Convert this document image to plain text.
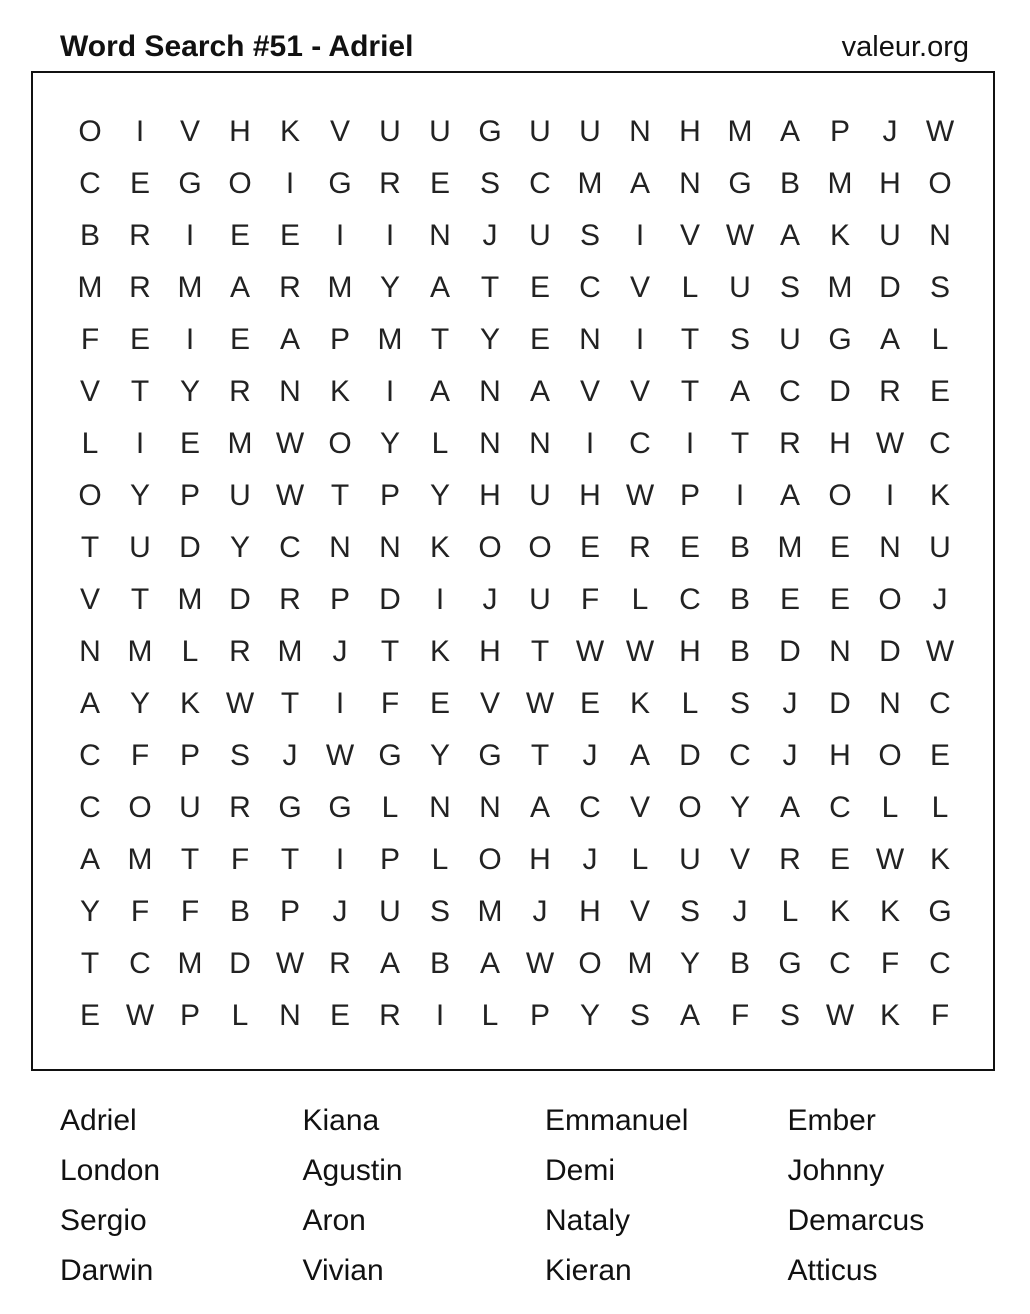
Word Search #51 - Adriel	valeur.org
O	I	V H K V U U G U U N H M A P	J W
C E G O	I	G R E S C M A N G B M H O
B R	I	E E	I	I	N	J	U S	I	V W A K U N
M R M A R M Y A	T	E C V	L	U S M D S
F	E	I	E A P M T	Y E N	I	T	S U G A	L
V	T	Y R N K	I	A N A V V	T	A C D R E
L	I	E M W O Y	L	N N	I	C	I	T	R H W C
O Y P U W T	P Y H U H W P	I	A O	I	K
T	U D Y C N N K O O E R E B M E N U
V	T M D R P D	I	J	U	F	L	C B E E O	J
N M L	R M	J	T	K H	T W W H B D N D W
A Y K W T	I	F	E V W E K	L	S	J	D N C
C	F	P S	J W G Y G T	J	A D C	J	H O E
C O U R G G L	N N A C V O Y A C	L	L
A M T	F	T	I	P	L O H	J	L	U V R E W K
Y	F	F	B P	J	U S M	J	H V S	J	L	K K G
T	C M D W R A B A W O M Y B G C	F	C
E W P	L	N E R	I	L	P Y S A	F	S W K	F
Adriel	Kiana	Emmanuel	Ember
London	Agustin	Demi	Johnny
Sergio	Aron	Nataly	Demarcus
Darwin	Vivian	Kieran	Atticus
